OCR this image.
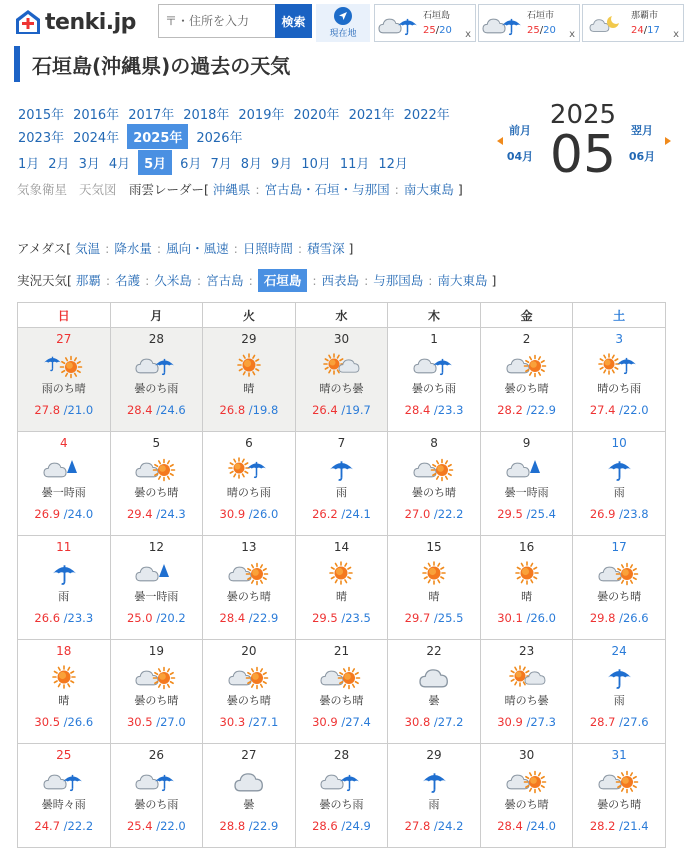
tenki.jp
〒・住所を入力	検索
現在地
石垣島
25/20 x
石垣市
25/20 x
那覇市
24/17 x
石垣島(沖縄県)の過去の天気
2015年 2016年 2017年 2018年 2019年 2020年 2021年 2022年
2023年 2024年 2025年 2026年
1月 2月 3月 4月 5月 6月 7月 8月 9月 10月 11月 12月
前月
04月
2025
05	翌月
06月
気象衛星 天気図 雨雲レーダー[ 沖縄県 : 宮古島・石垣・与那国 : 南大東島 ]
アメダス[ 気温 : 降水量 : 風向・風速 : 日照時間 : 積雪深 ]
実況天気[ 那覇 : 名護 : 久米島 : 宮古島 : 石垣島 : 西表島 : 与那国島 : 南大東島 ]
日	月	火	水	木	金	土

27
雨のち晴
27.8 /21.0	28
曇のち雨
28.4 /24.6	29
晴
26.8 /19.8	30
晴のち曇
26.4 /19.7	1
曇のち雨
28.4 /23.3	2
曇のち晴
28.2 /22.9	3
晴のち雨
27.4 /22.0

4
曇一時雨
26.9 /24.0	5
曇のち晴
29.4 /24.3	6
晴のち雨
30.9 /26.0	7
雨
26.2 /24.1	8
曇のち晴
27.0 /22.2	9
曇一時雨
29.5 /25.4	10
雨
26.9 /23.8

11
雨
26.6 /23.3	12
曇一時雨
25.0 /20.2	13
曇のち晴
28.4 /22.9	14
晴
29.5 /23.5	15
晴
29.7 /25.5	16
晴
30.1 /26.0	17
曇のち晴
29.8 /26.6

18
晴
30.5 /26.6	19
曇のち晴
30.5 /27.0	20
曇のち晴
30.3 /27.1	21
曇のち晴
30.9 /27.4	22
曇
30.8 /27.2	23
晴のち曇
30.9 /27.3	24
雨
28.7 /27.6

25
曇時々雨
24.7 /22.2	26
曇のち雨
25.4 /22.0	27
曇
28.8 /22.9	28
曇のち雨
28.6 /24.9	29
雨
27.8 /24.2	30
曇のち晴
28.4 /24.0	31
曇のち晴
28.2 /21.4
